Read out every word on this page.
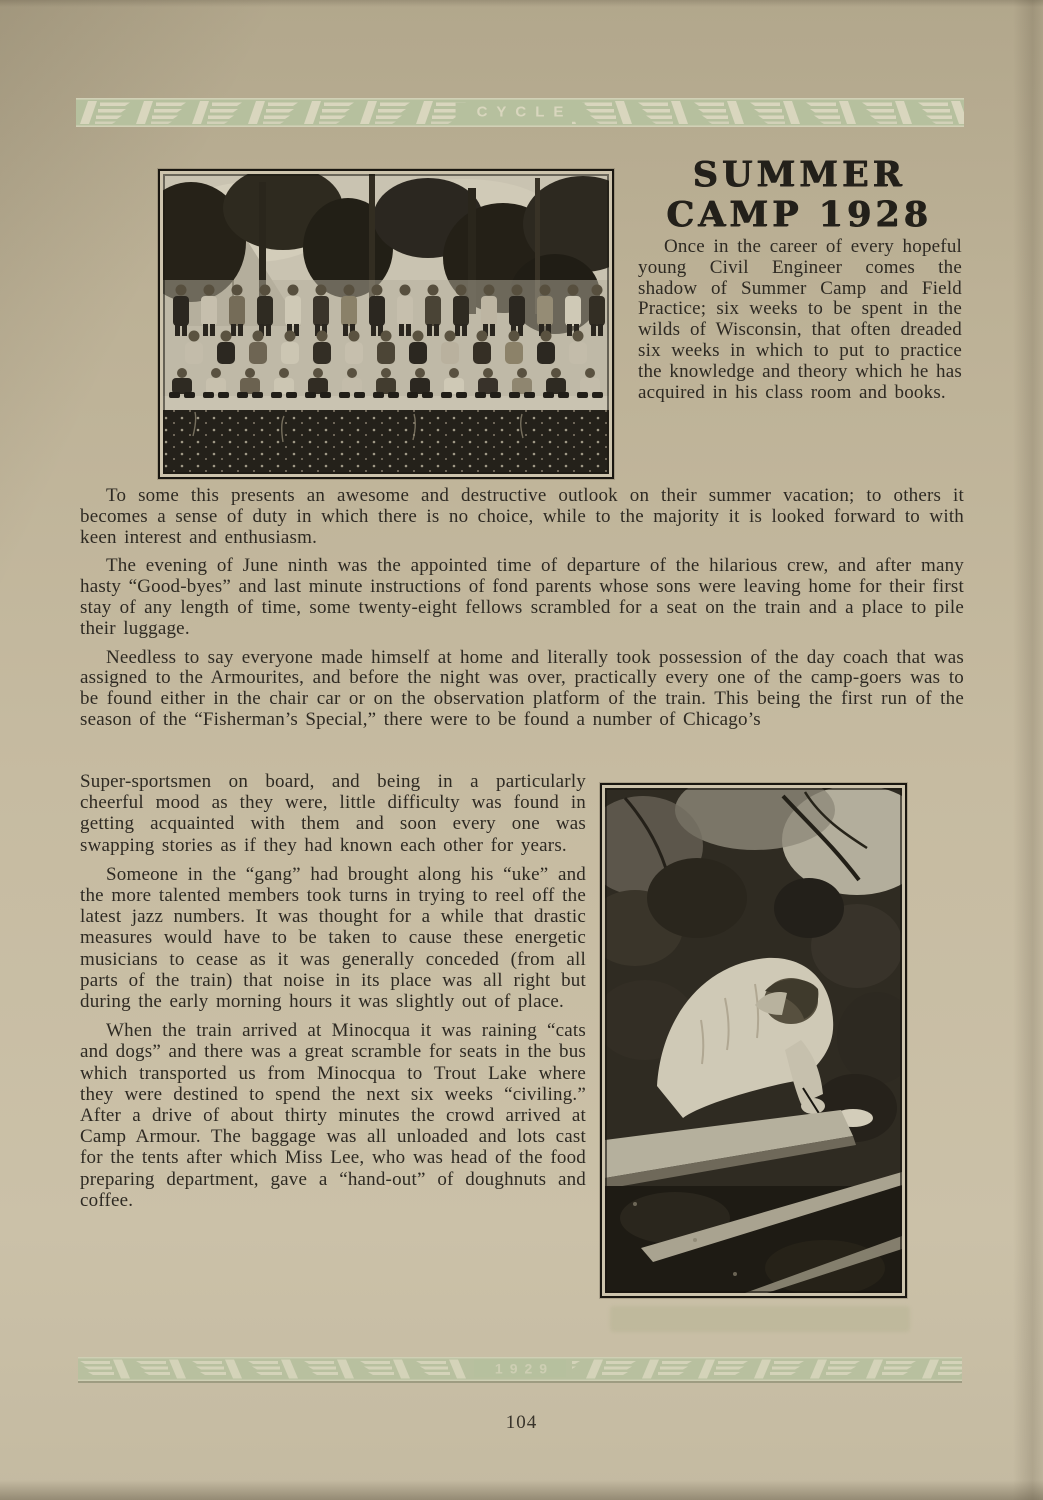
CYCLE
SUMMER
CAMP 1928

Once in the career of every hopeful young Civil Engineer comes the shadow of Summer Camp and Field Practice; six weeks to be spent in the wilds of Wisconsin, that often dreaded six weeks in which to put to practice the knowledge and theory which he has acquired in his class room and books.

To some this presents an awesome and destructive outlook on their summer vacation; to others it becomes a sense of duty in which there is no choice, while to the majority it is looked forward to with keen interest and enthusiasm.

The evening of June ninth was the appointed time of departure of the hilarious crew, and after many hasty “Good-byes” and last minute instructions of fond parents whose sons were leaving home for their first stay of any length of time, some twenty-eight fellows scrambled for a seat on the train and a place to pile their luggage.

Needless to say everyone made himself at home and literally took possession of the day coach that was assigned to the Armourites, and before the night was over, practically every one of the camp-goers was to be found either in the chair car or on the observation platform of the train. This being the first run of the season of the “Fisherman’s Special,” there were to be found a number of Chicago’s

Super-sportsmen on board, and being in a particularly cheerful mood as they were, little difficulty was found in getting acquainted with them and soon every one was swapping stories as if they had known each other for years.

Someone in the “gang” had brought along his “uke” and the more talented members took turns in trying to reel off the latest jazz numbers. It was thought for a while that drastic measures would have to be taken to cause these energetic musicians to cease as it was generally conceded (from all parts of the train) that noise in its place was all right but during the early morning hours it was slightly out of place.

When the train arrived at Minocqua it was raining “cats and dogs” and there was a great scramble for seats in the bus which transported us from Minocqua to Trout Lake where they were destined to spend the next six weeks “civiling.” After a drive of about thirty minutes the crowd arrived at Camp Armour. The baggage was all unloaded and lots cast for the tents after which Miss Lee, who was head of the food preparing department, gave a “hand-out” of doughnuts and coffee.

1929
104
